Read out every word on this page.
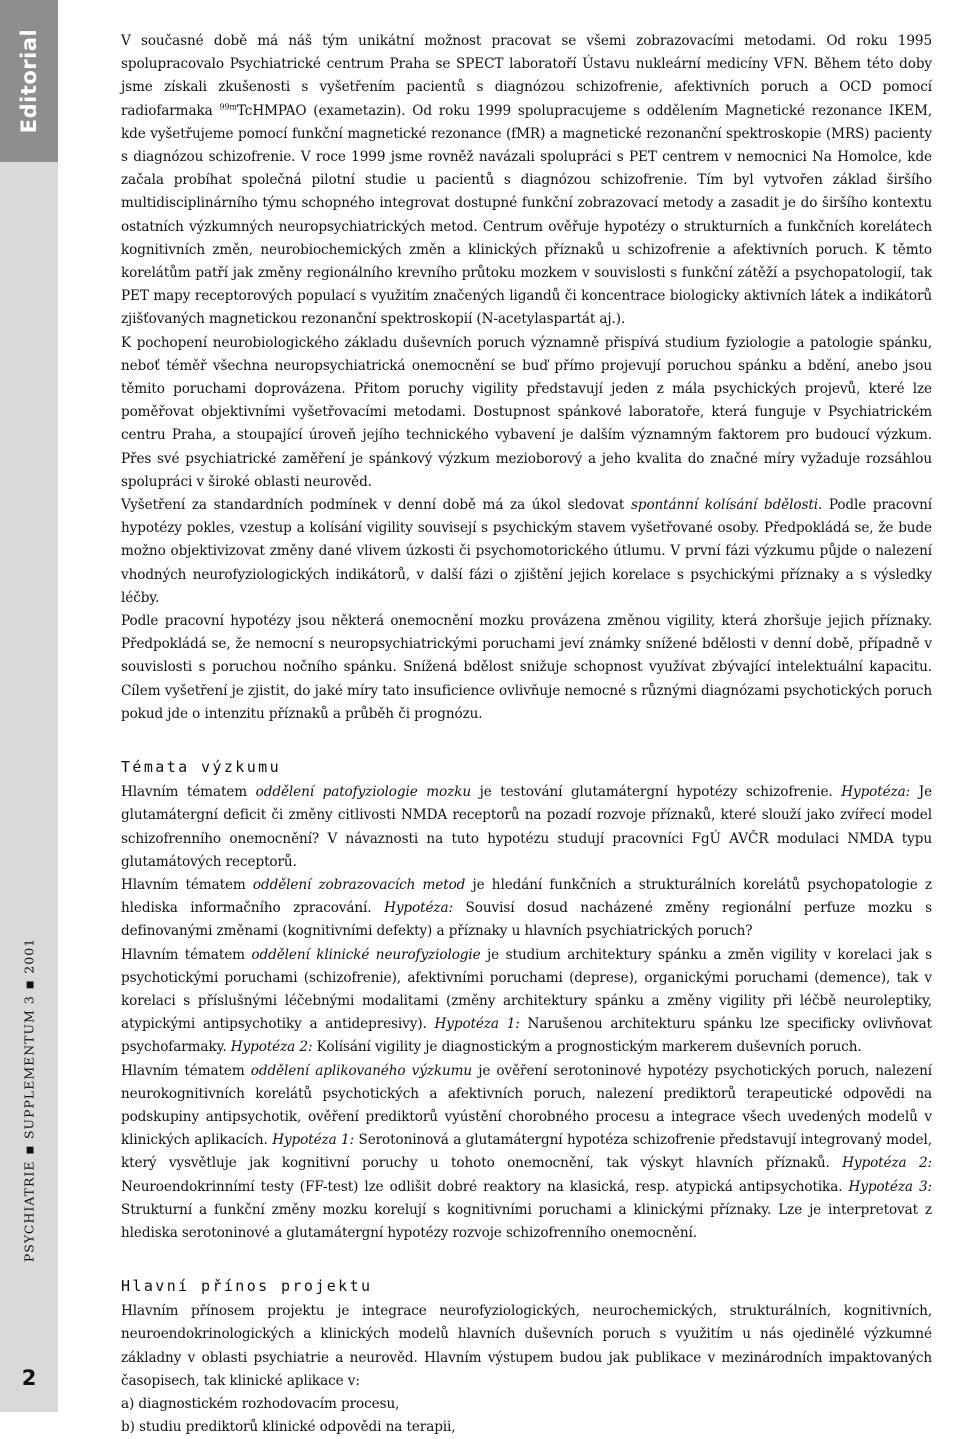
Editorial
PSYCHIATRIE■SUPPLEMENTUM 3■2001
2

V současné době má náš tým unikátní možnost pracovat se všemi zobrazovacími metodami. Od roku 1995 spolupracovalo Psychiatrické centrum Praha se SPECT laboratoří Ústavu nukleární medicíny VFN. Během této doby jsme získali zkušenosti s vyšetřením pacientů s diagnózou schizofrenie, afektivních poruch a OCD pomocí radiofarmaka $^{99m}$TcHMPAO (exametazin). Od roku 1999 spolupracujeme s oddělením Magnetické rezonance IKEM, kde vyšetřujeme pomocí funkční magnetické rezonance (fMR) a magnetické rezonanční spektroskopie (MRS) pacienty s diagnózou schizofrenie. V roce 1999 jsme rovněž navázali spolupráci s PET centrem v nemocnici Na Homolce, kde začala probíhat společná pilotní studie u pacientů s diagnózou schizofrenie. Tím byl vytvořen základ širšího multidisciplinárního týmu schopného integrovat dostupné funkční zobrazovací metody a zasadit je do širšího kontextu ostatních výzkumných neuropsychiatrických metod. Centrum ověřuje hypotézy o strukturních a funkčních korelátech kognitivních změn, neurobiochemických změn a klinických příznaků u schizofrenie a afektivních poruch. K těmto korelátům patří jak změny regionálního krevního průtoku mozkem v souvislosti s funkční zátěží a psychopatologií, tak PET mapy receptorových populací s využitím značených ligandů či koncentrace biologicky aktivních látek a indikátorů zjišťovaných magnetickou rezonanční spektroskopií (N-acetylaspartát aj.).

K pochopení neurobiologického základu duševních poruch významně přispívá studium fyziologie a patologie spánku, neboť téměř všechna neuropsychiatrická onemocnění se buď přímo projevují poruchou spánku a bdění, anebo jsou těmito poruchami doprovázena. Přitom poruchy vigility představují jeden z mála psychických projevů, které lze poměřovat objektivními vyšetřovacími metodami. Dostupnost spánkové laboratoře, která funguje v Psychiatrickém centru Praha, a stoupající úroveň jejího technického vybavení je dalším významným faktorem pro budoucí výzkum. Přes své psychiatrické zaměření je spánkový výzkum mezioborový a jeho kvalita do značné míry vyžaduje rozsáhlou spolupráci v široké oblasti neurověd.

Vyšetření za standardních podmínek v denní době má za úkol sledovat spontánní kolísání bdělosti. Podle pracovní hypotézy pokles, vzestup a kolísání vigility souvisejí s psychickým stavem vyšetřované osoby. Předpokládá se, že bude možno objektivizovat změny dané vlivem úzkosti či psychomotorického útlumu. V první fázi výzkumu půjde o nalezení vhodných neurofyziologických indikátorů, v další fázi o zjištění jejich korelace s psychickými příznaky a s výsledky léčby.

Podle pracovní hypotézy jsou některá onemocnění mozku provázena změnou vigility, která zhoršuje jejich příznaky. Předpokládá se, že nemocní s neuropsychiatrickými poruchami jeví známky snížené bdělosti v denní době, případně v souvislosti s poruchou nočního spánku. Snížená bdělost snižuje schopnost využívat zbývající intelektuální kapacitu. Cílem vyšetření je zjistit, do jaké míry tato insuficience ovlivňuje nemocné s různými diagnózami psychotických poruch pokud jde o intenzitu příznaků a průběh či prognózu.

Témata výzkumu

Hlavním tématem oddělení patofyziologie mozku je testování glutamátergní hypotézy schizofrenie. Hypotéza: Je glutamátergní deficit či změny citlivosti NMDA receptorů na pozadí rozvoje příznaků, které slouží jako zvířecí model schizofrenního onemocnění? V návaznosti na tuto hypotézu studují pracovníci FgÚ AVČR modulaci NMDA typu glutamátových receptorů.

Hlavním tématem oddělení zobrazovacích metod je hledání funkčních a strukturálních korelátů psychopatologie z hlediska informačního zpracování. Hypotéza: Souvisí dosud nacházené změny regionální perfuze mozku s definovanými změnami (kognitivními defekty) a příznaky u hlavních psychiatrických poruch?

Hlavním tématem oddělení klinické neurofyziologie je studium architektury spánku a změn vigility v korelaci jak s psychotickými poruchami (schizofrenie), afektivními poruchami (deprese), organickými poruchami (demence), tak v korelaci s příslušnými léčebnými modalitami (změny architektury spánku a změny vigility při léčbě neuroleptiky, atypickými antipsychotiky a antidepresivy). Hypotéza 1: Narušenou architekturu spánku lze specificky ovlivňovat psychofarmaky. Hypotéza 2: Kolísání vigility je diagnostickým a prognostickým markerem duševních poruch.

Hlavním tématem oddělení aplikovaného výzkumu je ověření serotoninové hypotézy psychotických poruch, nalezení neurokognitivních korelátů psychotických a afektivních poruch, nalezení prediktorů terapeutické odpovědi na podskupiny antipsychotik, ověření prediktorů vyústění chorobného procesu a integrace všech uvedených modelů v klinických aplikacích. Hypotéza 1: Serotoninová a glutamátergní hypotéza schizofrenie představují integrovaný model, který vysvětluje jak kognitivní poruchy u tohoto onemocnění, tak výskyt hlavních příznaků. Hypotéza 2: Neuroendokrinnímí testy (FF-test) lze odlišit dobré reaktory na klasická, resp. atypická antipsychotika. Hypotéza 3: Strukturní a funkční změny mozku korelují s kognitivními poruchami a klinickými příznaky. Lze je interpretovat z hlediska serotoninové a glutamátergní hypotézy rozvoje schizofrenního onemocnění.

Hlavní přínos projektu

Hlavním přínosem projektu je integrace neurofyziologických, neurochemických, strukturálních, kognitivních, neuroendokrinologických a klinických modelů hlavních duševních poruch s využitím u nás ojedinělé výzkumné základny v oblasti psychiatrie a neurověd. Hlavním výstupem budou jak publikace v mezinárodních impaktovaných časopisech, tak klinické aplikace v:

a) diagnostickém rozhodovacím procesu,
b) studiu prediktorů klinické odpovědi na terapii,
